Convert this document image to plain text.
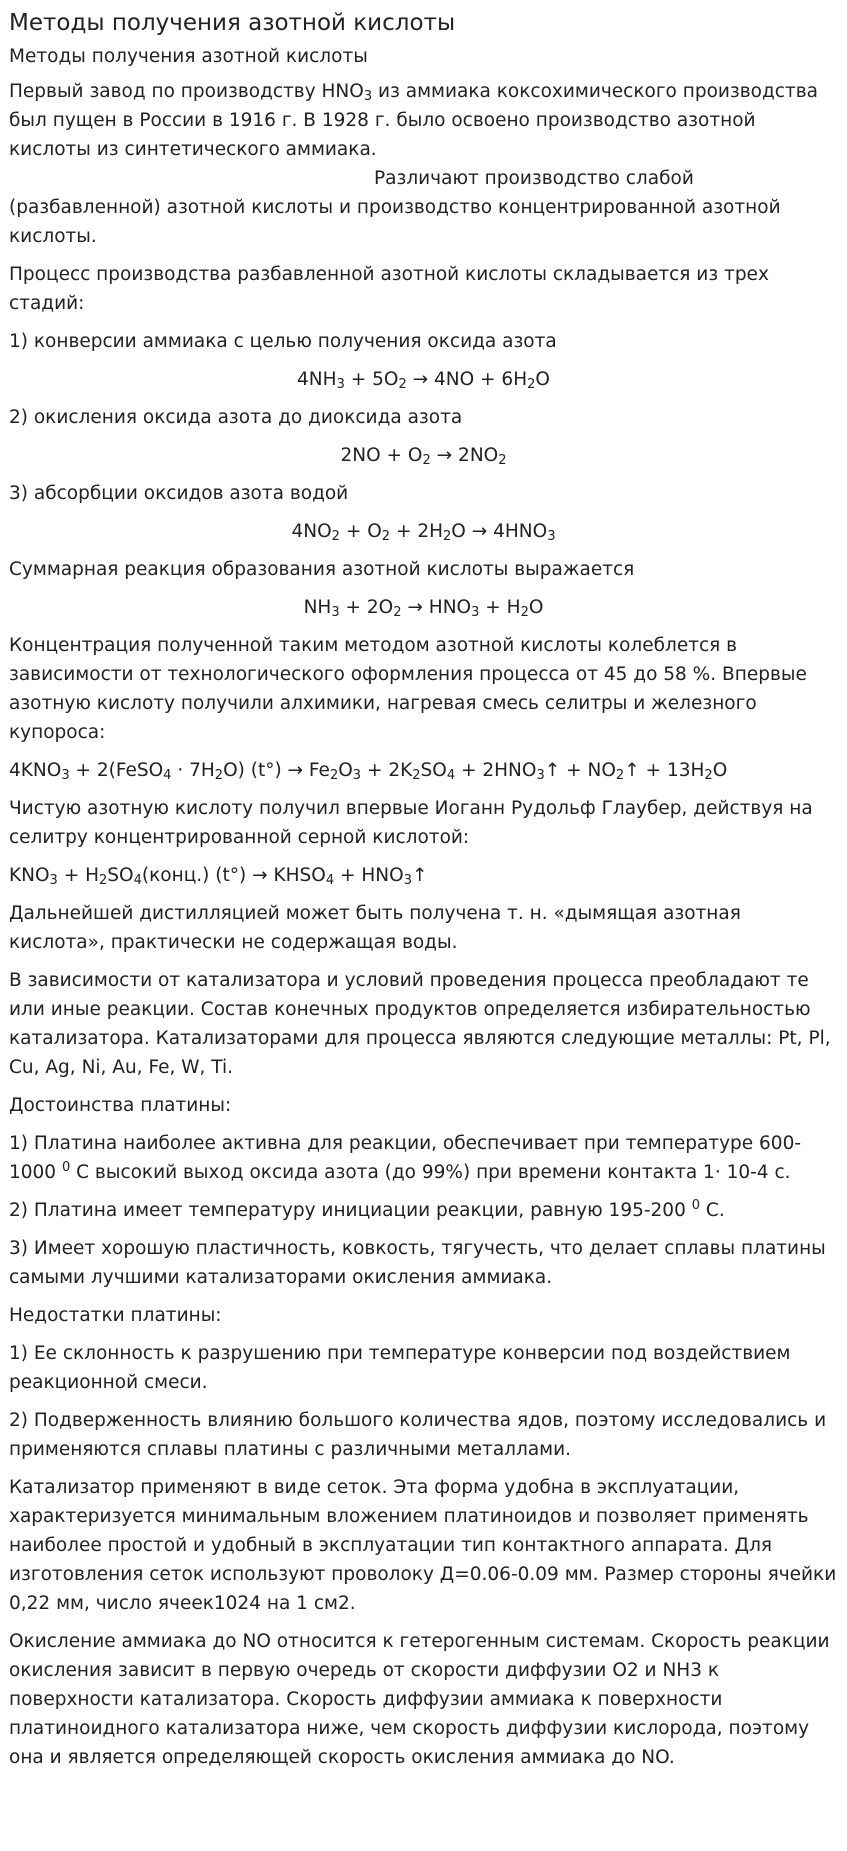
Методы получения азотной кислоты

Методы получения азотной кислоты

Первый завод по производству $HNO_3$ из аммиака коксохимического производства был пущен в России в 1916 г. В 1928 г. было освоено производство азотной кислоты из синтетического аммиака.
Различают производство слабой (разбавленной) азотной кислоты и производство концентрированной азотной кислоты.

Процесс производства разбавленной азотной кислоты складывается из трех стадий:

1) конверсии аммиака с целью получения оксида азота

$4NH_3 + 5O_2 \to 4NO + 6H_2O$

2) окисления оксида азота до диоксида азота

$2NO + O_2 \to 2NO_2$

3) абсорбции оксидов азота водой

$4NO_2 + O_2 + 2H_2O \to 4HNO_3$

Суммарная реакция образования азотной кислоты выражается

$NH_3 + 2O_2 \to HNO_3 + H_2O$

Концентрация полученной таким методом азотной кислоты колеблется в зависимости от технологического оформления процесса от 45 до 58 %. Впервые азотную кислоту получили алхимики, нагревая смесь селитры и железного купороса:

$4KNO_3$ + 2(FeSO$_4$ · $7H_2O$) $(t^\circ) \to Fe_2O_3 + 2K_2SO_4$ + $2HNO_3↑$ + $NO_2↑ + 13H_2O$

Чистую азотную кислоту получил впервые Иоганн Рудольф Глаубер, действуя на селитру концентрированной серной кислотой:

$KNO_3$ + $H_2SO_4(конц.) (t^\circ)$ → $KHSO_4$ + $HNO_3↑$

Дальнейшей дистилляцией может быть получена т. н. «дымящая азотная кислота», практически не содержащая воды.

В зависимости от катализатора и условий проведения процесса преобладают те или иные реакции. Состав конечных продуктов определяется избирательностью катализатора. Катализаторами для процесса являются следующие металлы: Pt, Pl, Cu, Ag, Ni, Au, Fe, W, Ti.

Достоинства платины:

1) Платина наиболее активна для реакции, обеспечивает при температуре 600-1000 $^0$ С высокий выход оксида азота (до 99%) при времени контакта 1· 10-4 с.

2) Платина имеет температуру инициации реакции, равную 195-200 $^0$ С.

3) Имеет хорошую пластичность, ковкость, тягучесть, что делает сплавы платины самыми лучшими катализаторами окисления аммиака.

Недостатки платины:

1) Ее склонность к разрушению при температуре конверсии под воздействием реакционной смеси.

2) Подверженность влиянию большого количества ядов, поэтому исследовались и применяются сплавы платины с различными металлами.

Катализатор применяют в виде сеток. Эта форма удобна в эксплуатации, характеризуется минимальным вложением платиноидов и позволяет применять наиболее простой и удобный в эксплуатации тип контактного аппарата. Для изготовления сеток используют проволоку Д=0.06-0.09 мм. Размер стороны ячейки 0,22 мм, число ячеек1024 на 1 см2.

Окисление аммиака до NO относится к гетерогенным системам. Скорость реакции окисления зависит в первую очередь от скорости диффузии О2 и NH3 к поверхности катализатора. Скорость диффузии аммиака к поверхности платиноидного катализатора ниже, чем скорость диффузии кислорода, поэтому она и является определяющей скорость окисления аммиака до NO.
